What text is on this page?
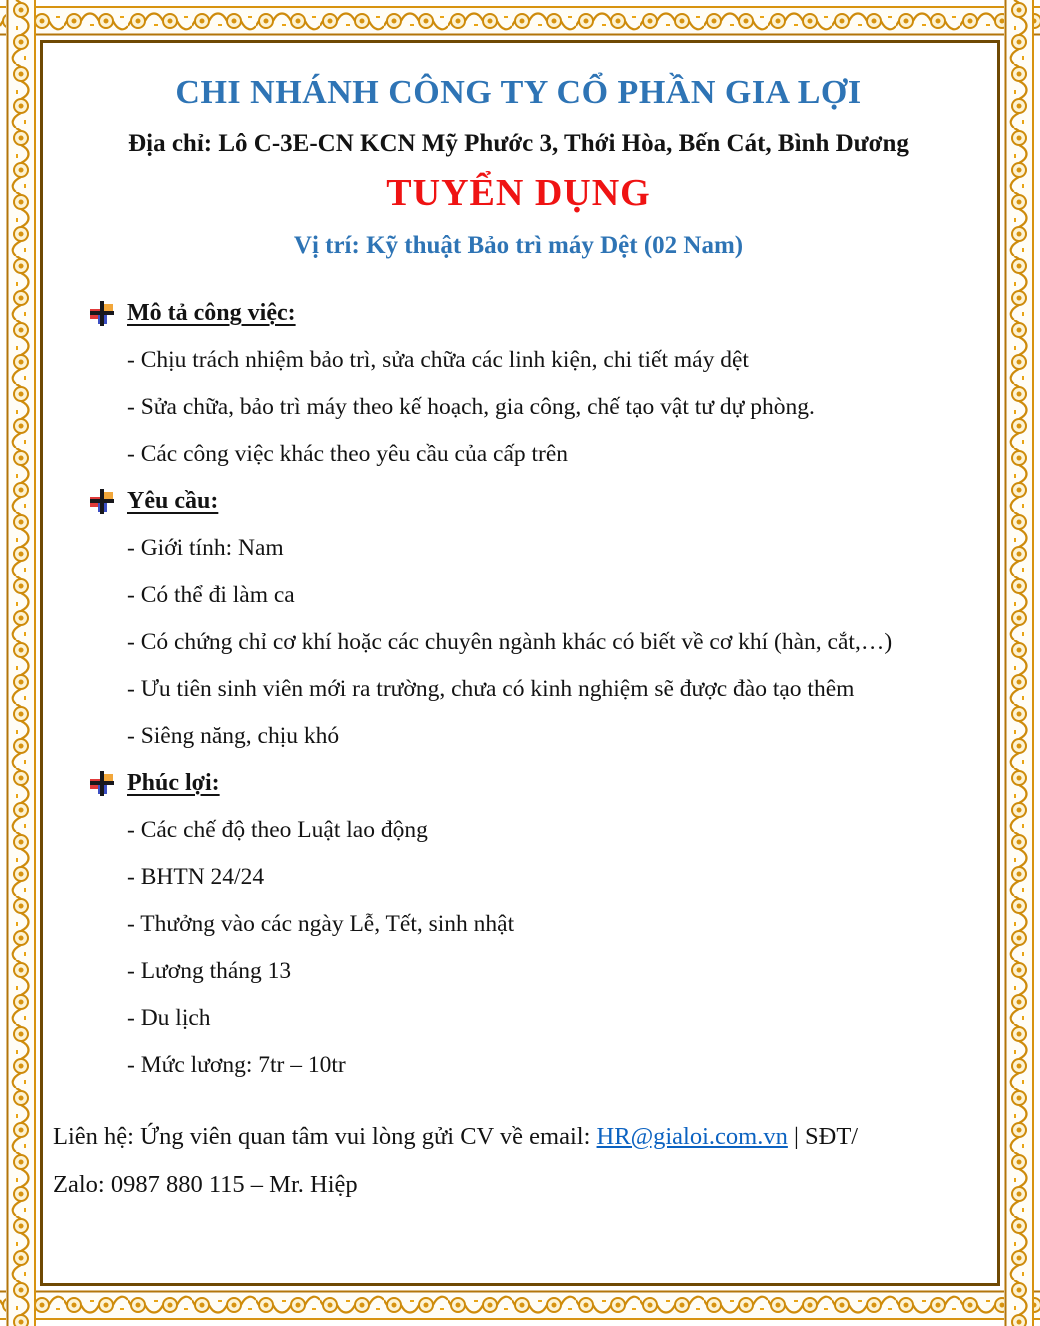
CHI NHÁNH CÔNG TY CỔ PHẦN GIA LỢI
Địa chỉ: Lô C-3E-CN KCN Mỹ Phước 3, Thới Hòa, Bến Cát, Bình Dương
TUYỂN DỤNG
Vị trí: Kỹ thuật Bảo trì máy Dệt (02 Nam)
Mô tả công việc:
- Chịu trách nhiệm bảo trì, sửa chữa các linh kiện, chi tiết máy dệt
- Sửa chữa, bảo trì máy theo kế hoạch, gia công, chế tạo vật tư dự phòng.
- Các công việc khác theo yêu cầu của cấp trên
Yêu cầu:
- Giới tính: Nam
- Có thể đi làm ca
- Có chứng chỉ cơ khí hoặc các chuyên ngành khác có biết về cơ khí (hàn, cắt,…)
- Ưu tiên sinh viên mới ra trường, chưa có kinh nghiệm sẽ được đào tạo thêm
- Siêng năng, chịu khó
Phúc lợi:
- Các chế độ theo Luật lao động
- BHTN 24/24
- Thưởng vào các ngày Lễ, Tết, sinh nhật
- Lương tháng 13
- Du lịch
- Mức lương: 7tr – 10tr
Liên hệ: Ứng viên quan tâm vui lòng gửi CV về email: HR@gialoi.com.vn | SĐT/
Zalo: 0987 880 115 – Mr. Hiệp
